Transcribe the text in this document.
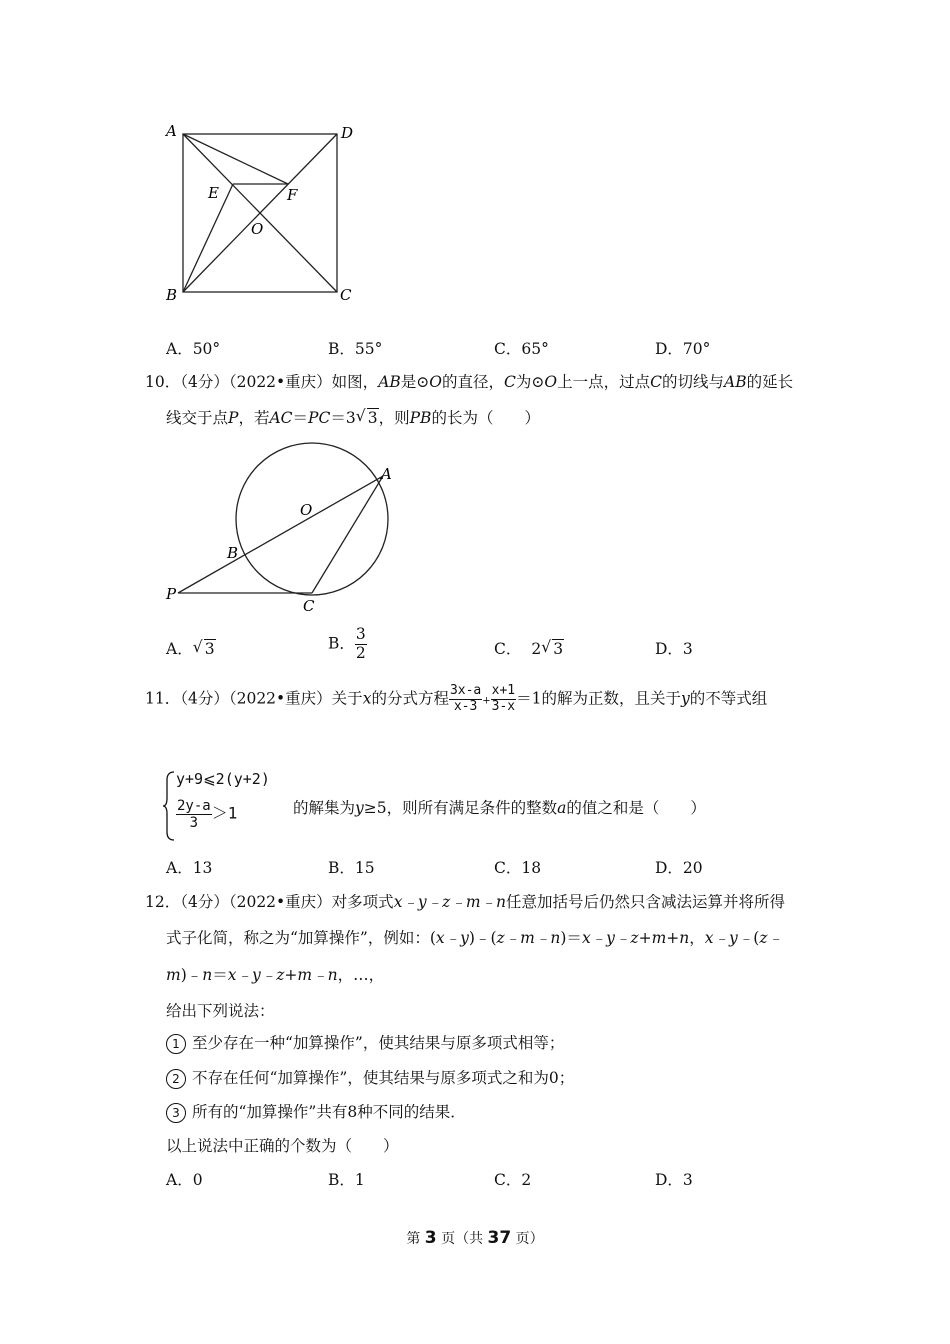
A	D
E	F
O
B	C
A．50°	B．55°	C．65°	D．70°
10．（4分）（2022•重庆）如图，AB是⊙O的直径，C为⊙O上一点，过点C的切线与AB的延长
线交于点P，若AC＝PC＝3 √ 3，则PB的长为（　　）
A
O
B
P
C
A． √ 3	B． $\frac{3}{2}$	C． 2 √ 3	D．3
11．（4分）（2022•重庆）关于x的分式方程 $\frac{3x-a}{x-3} + \frac{x+1}{3-x} =1$的解为正数，且关于y的不等式组
y+9⩽2(y+2)
$\frac{2y-a}{3} >1$	的解集为y≥5，则所有满足条件的整数a的值之和是（　　）
A．13	B．15	C．18	D．20
12．（4分）（2022•重庆）对多项式x﹣y﹣z﹣m﹣n任意加括号后仍然只含减法运算并将所得
式子化简，称之为“加算操作”，例如：(x﹣y)﹣(z﹣m﹣n)＝x﹣y﹣z+m+n，x﹣y﹣(z﹣
m)﹣n＝x﹣y﹣z+m﹣n，…，
给出下列说法：
1 至少存在一种“加算操作”，使其结果与原多项式相等；
2 不存在任何“加算操作”，使其结果与原多项式之和为0；
3 所有的“加算操作”共有8种不同的结果．
以上说法中正确的个数为（　　）
A．0	B．1	C．2	D．3
第 3 页（共 37 页）
